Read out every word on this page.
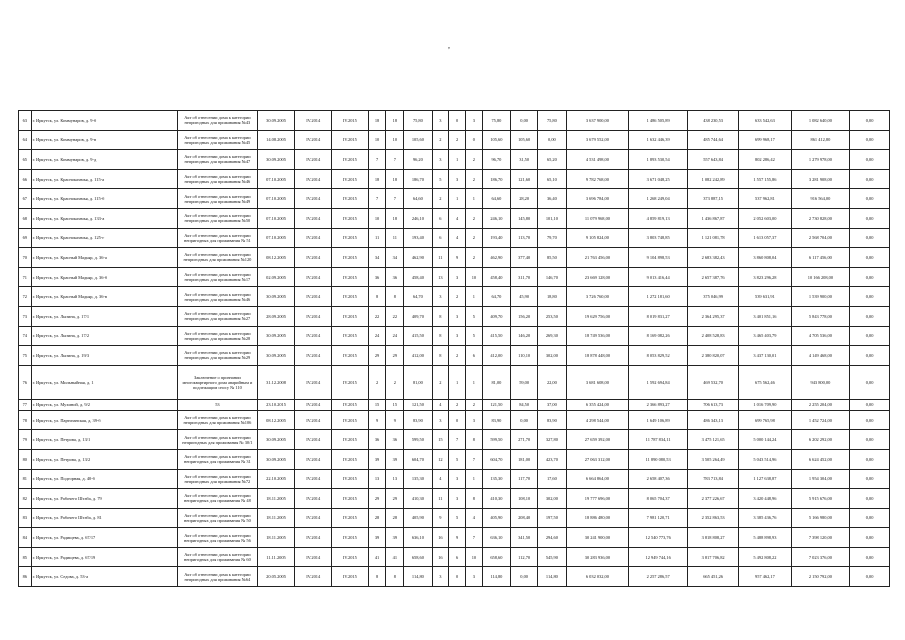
,
63	г. Иркутск, ул. Коммунаров, д. 9-б	Акт об отнесении дома к категории непригодных для проживания №43	30.09.2005	IV.2014	IV.2015	18	18	75,80	3	0	3	75,80	0,00	75,80	3 637 900,00	1 486 505,89	438 230,53	633 542,63	1 082 640,00	0,00
64	г. Иркутск, ул. Коммунаров, д. 9-в	Акт об отнесении дома к категории непригодных для проживания №45	14.08.2005	IV.2014	IV.2015	10	10	105,60	2	2	0	105,60	105,60	0,00	3 679 552,00	1 632 446,39	485 744,64	699 968,17	861 412,80	0,00
65	г. Иркутск, ул. Коммунаров, д. 9-д	Акт об отнесении дома к категории непригодных для проживания №47	30.09.2005	IV.2014	IV.2015	7	7	96,20	3	1	2	96,70	31,50	65,20	4 531 498,00	1 893 530,54	557 643,84	802 286,42	1 279 978,00	0,00
66	г. Иркутск, ул. Красноказачья, д. 115-а	Акт об отнесении дома к категории непригодных для проживания №46	07.10.2005	IV.2014	IV.2015	18	18	186,70	5	3	2	186,70	121,60	65,10	9 782 768,00	3 671 048,25	1 082 242,89	1 557 155,86	3 281 908,00	0,00
67	г. Иркутск, ул. Красноказачья, д. 115-б	Акт об отнесении дома к категории непригодных для проживания №49	07.10.2005	IV.2014	IV.2015	7	7	64,60	2	1	1	64,60	28,20	36,40	3 696 784,00	1 268 249,04	373 887,15	537 962,81	916 564,00	0,00
68	г. Иркутск, ул. Красноказачья, д. 133-а	Акт об отнесении дома к категории непригодных для проживания №50	07.10.2005	IV.2014	IV.2015	10	18	246,10	6	4	2	246,10	145,80	101,10	11 079 968,00	4 859 819,13	1 436 867,87	2 052 603,00	2 730 828,00	0,00
69	г. Иркутск, ул. Красноказачья, д. 125-г	Акт об отнесении дома к категории непригодных для проживания № 51	07.10.2005	IV.2014	IV.2015	11	11	193,40	6	4	2	193,40	113,70	79,70	9 105 824,00	3 803 748,85	1 121 081,78	1 613 057,37	2 568 704,00	0,00
70	г. Иркутск, ул. Красный Мадьяр, д. 36-а	Акт об отнесении дома к категории непригодных для проживания №120	08.12.2005	IV.2014	IV.2015	34	34	462,90	11	9	2	462,90	377,40	85,50	21 763 456,00	9 104 898,53	2 683 382,43	3 860 808,04	6 117 456,00	0,00
71	г. Иркутск, ул. Красный Мадьяр, д. 36-б	Акт об отнесении дома к категории непригодных для проживания №17	02.09.2005	IV.2014	IV.2015	36	36	458,40	13	3	10	458,40	311,70	146,70	23 669 128,00	9 013 416,44	2 657 387,76	3 823 296,28	10 166 208,00	0,00
72	г. Иркутск, ул. Красный Мадьяр, д. 36-в	Акт об отнесении дома к категории непригодных для проживания №46	30.09.2005	IV.2014	IV.2015	8	8	64,70	3	2	1	64,70	45,90	18,80	3 726 760,00	1 272 181,60	375 046,99	539 631,91	1 539 900,00	0,00
73	г. Иркутск, ул. Лызина, д. 17/1	Акт об отнесении дома к категории непригодных для проживания №27	28.09.2005	IV.2014	IV.2015	22	22	409,70	8	3	5	409,70	156,20	253,50	19 629 756,00	8 019 831,27	2 364 295,37	3 401 851,16	5 843 778,00	0,00
74	г. Иркутск, ул. Лызина, д. 17/2	Акт об отнесении дома к категории непригодных для проживания №28	30.09.2005	IV.2014	IV.2015	24	24	415,50	8	3	5	415,50	146,20	269,30	18 749 536,00	8 169 082,26	2 408 528,83	3 465 403,79	4 705 536,00	0,00
75	г. Иркутск, ул. Лызина, д. 19/3	Акт об отнесении дома к категории непригодных для проживания №29	30.09.2005	IV.2014	IV.2015	29	29	412,00	8	2	6	412,00	110,10	302,00	18 878 448,00	8 053 829,52	2 380 820,07	3 437 130,01	4 149 468,00	0,00
76	г. Иркутск, ул. Мильныйная, д. 1	Заключение о признании многоквартирного дома аварийным и подлежащим сносу № 110	31.12.2008	IV.2014	IV.2015	2	2	81,00	2	1	1	81,00	59,00	22,00	3 681 608,00	1 592 694,84	469 532,70	675 562,46	943 800,00	0,00
77	г. Иркутск, ул. Мухиной, д. 9/2	53	23.10.2015	IV.2014	IV.2015	15	15	121,50	4	2	2	121,50	84,50	37,00	6 355 424,00	2 366 893,27	706 613,73	1 016 709,90	2 255 204,00	0,00
78	г. Иркутск, ул. Партизанская, д. 39-б	Акт об отнесении дома к категории непригодных для проживания №106	08.12.2005	IV.2014	IV.2015	9	9	83,90	3	0	3	83,90	0,00	83,90	4 298 544,00	1 649 106,89	486 343,13	699 765,98	1 452 724,00	0,00
79	г. Иркутск, ул. Петрова, д. 13/1	Акт об отнесении дома к категории непригодных для проживания № 30/1	30.09.2005	IV.2014	IV.2015	36	36	599,50	15	7	8	599,50	271,70	327,80	27 659 392,00	11 787 834,11	3 475 121,65	5 000 144,24	6 202 292,00	0,00
80	г. Иркутск, ул. Петрова, д. 13/2	Акт об отнесении дома к категории непригодных для проживания № 31	30.09.2005	IV.2014	IV.2015	39	39	604,70	12	5	7	604,70	181,00	423,70	27 063 312,00	11 890 080,53	3 505 264,49	5 043 514,96	6 624 452,00	0,00
81	г. Иркутск, ул. Подгорная, д. 40-б	Акт об отнесении дома к категории непригодных для проживания №72	22.10.2005	IV.2014	IV.2015	13	13	135,30	4	3	1	135,30	117,70	17,60	6 664 864,00	2 658 407,36	783 713,84	1 127 638,87	1 954 304,00	0,00
82	г. Иркутск, ул. Рабочего Штаба, д. 79	Акт об отнесении дома к категории непригодных для проживания № 48	18.11.2005	IV.2014	IV.2015	29	29	410,30	11	3	8	410,30	108,10	302,00	19 777 696,00	8 065 704,37	2 377 226,67	3 420 448,96	5 915 676,00	0,00
83	г. Иркутск, ул. Рабочего Штаба, д. 81	Акт об отнесении дома к категории непригодных для проживания № 50	18.11.2005	IV.2014	IV.2015	28	28	405,90	9	5	4	405,90	208,40	197,50	18 886 480,00	7 981 120,71	2 352 863,53	3 385 436,76	5 166 980,00	0,00
84	г. Иркутск, ул. Радищева, д. 67/17	Акт об отнесении дома к категории непригодных для проживания № 56	18.11.2005	IV.2014	IV.2015	39	39	636,10	16	9	7	636,10	341,50	294,60	30 241 900,00	12 540 773,76	3 818 808,27	5 488 898,93	7 398 120,00	0,00
85	г. Иркутск, ул. Радищева, д. 67/19	Акт об отнесении дома к категории непригодных для проживания № 60	11.11.2005	IV.2014	IV.2015	41	41	658,60	16	6	10	658,60	112,70	545,90	30 283 936,00	12 949 744,16	3 817 706,82	5 492 808,22	7 023 376,00	0,00
86	г. Иркутск, ул. Седова, д. 53-а	Акт об отнесении дома к категории непригодных для проживания №64	20.05.2005	IV.2014	IV.2015	8	8	114,80	3	0	3	114,80	0,00	114,80	6 032 032,00	2 257 286,57	665 451,26	957 462,17	2 150 792,00	0,00
